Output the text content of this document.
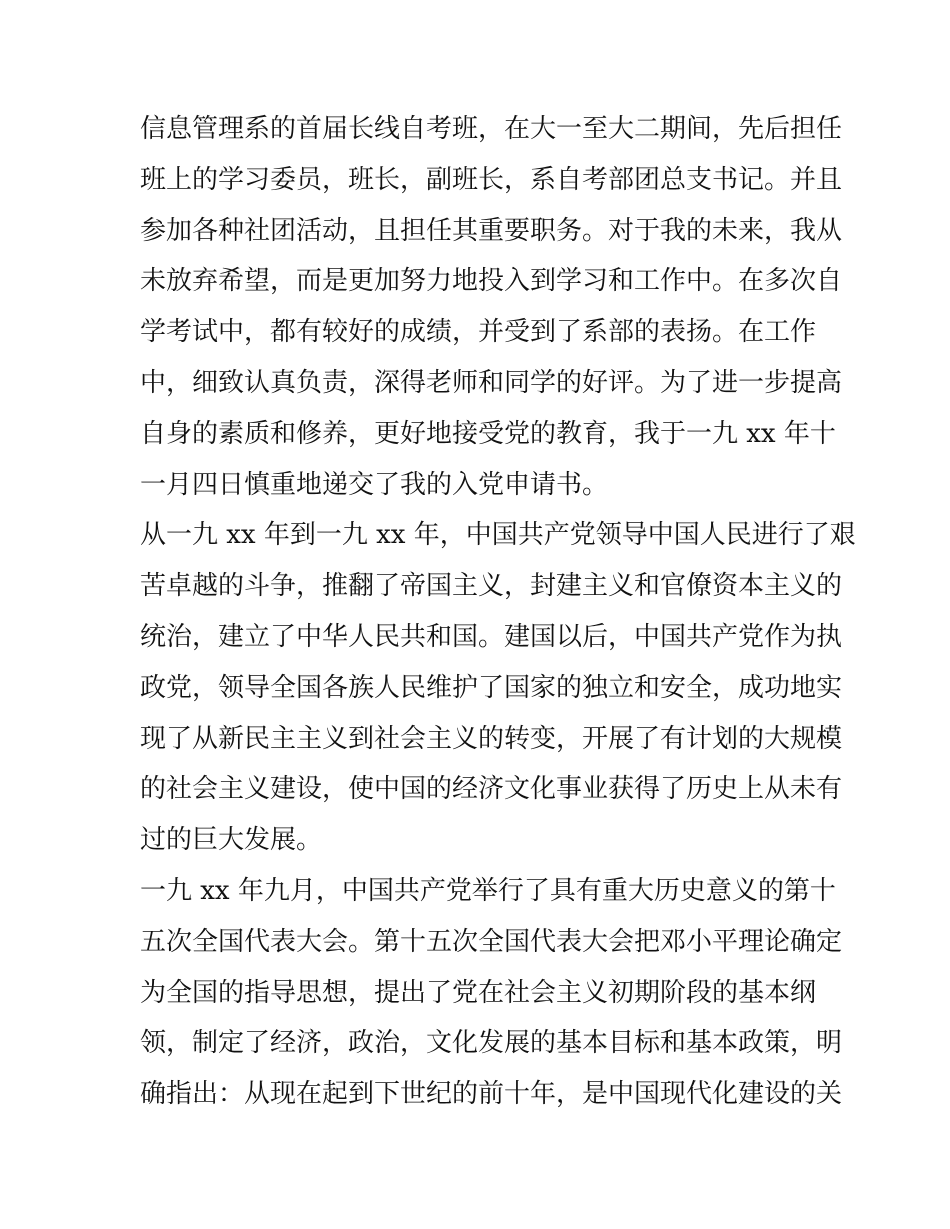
信息管理系的首届长线自考班，在大一至大二期间，先后担任
班上的学习委员，班长，副班长，系自考部团总支书记。并且
参加各种社团活动，且担任其重要职务。对于我的未来，我从
未放弃希望，而是更加努力地投入到学习和工作中。在多次自
学考试中，都有较好的成绩，并受到了系部的表扬。在工作
中，细致认真负责，深得老师和同学的好评。为了进一步提高
自身的素质和修养，更好地接受党的教育，我于一九 xx 年十
一月四日慎重地递交了我的入党申请书。
从一九 xx 年到一九 xx 年，中国共产党领导中国人民进行了艰
苦卓越的斗争，推翻了帝国主义，封建主义和官僚资本主义的
统治，建立了中华人民共和国。建国以后，中国共产党作为执
政党，领导全国各族人民维护了国家的独立和安全，成功地实
现了从新民主主义到社会主义的转变，开展了有计划的大规模
的社会主义建设，使中国的经济文化事业获得了历史上从未有
过的巨大发展。
一九 xx 年九月，中国共产党举行了具有重大历史意义的第十
五次全国代表大会。第十五次全国代表大会把邓小平理论确定
为全国的指导思想，提出了党在社会主义初期阶段的基本纲
领，制定了经济，政治，文化发展的基本目标和基本政策，明
确指出：从现在起到下世纪的前十年，是中国现代化建设的关
